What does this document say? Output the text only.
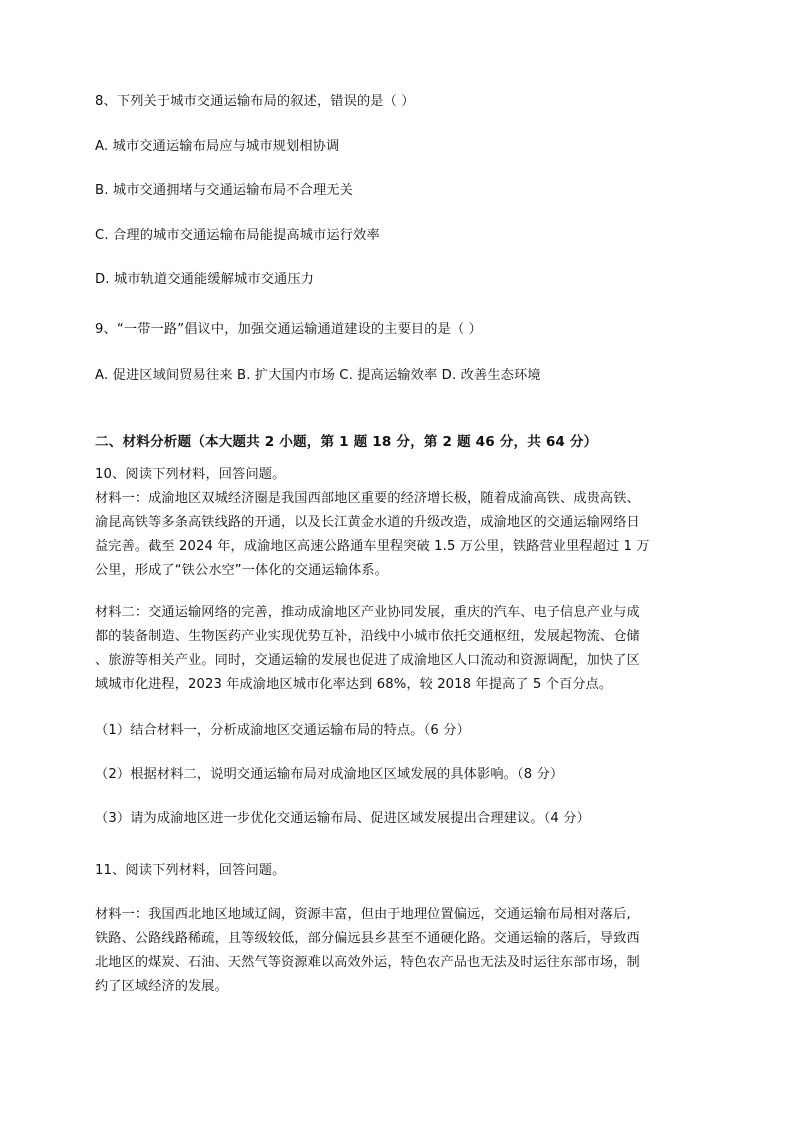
8、下列关于城市交通运输布局的叙述，错误的是（ ）
A. 城市交通运输布局应与城市规划相协调
B. 城市交通拥堵与交通运输布局不合理无关
C. 合理的城市交通运输布局能提高城市运行效率
D. 城市轨道交通能缓解城市交通压力
9、“一带一路”倡议中，加强交通运输通道建设的主要目的是（ ）
A. 促进区域间贸易往来 B. 扩大国内市场 C. 提高运输效率 D. 改善生态环境
二、材料分析题（本大题共 2 小题，第 1 题 18 分，第 2 题 46 分，共 64 分）
10、阅读下列材料，回答问题。
材料一：成渝地区双城经济圈是我国西部地区重要的经济增长极，随着成渝高铁、成贵高铁、
渝昆高铁等多条高铁线路的开通，以及长江黄金水道的升级改造，成渝地区的交通运输网络日
益完善。截至 2024 年，成渝地区高速公路通车里程突破 1.5 万公里，铁路营业里程超过 1 万
公里，形成了“铁公水空”一体化的交通运输体系。
材料二：交通运输网络的完善，推动成渝地区产业协同发展，重庆的汽车、电子信息产业与成
都的装备制造、生物医药产业实现优势互补，沿线中小城市依托交通枢纽，发展起物流、仓储
、旅游等相关产业。同时，交通运输的发展也促进了成渝地区人口流动和资源调配，加快了区
域城市化进程，2023 年成渝地区城市化率达到 68%，较 2018 年提高了 5 个百分点。
（1）结合材料一，分析成渝地区交通运输布局的特点。（6 分）
（2）根据材料二，说明交通运输布局对成渝地区区域发展的具体影响。（8 分）
（3）请为成渝地区进一步优化交通运输布局、促进区域发展提出合理建议。（4 分）
11、阅读下列材料，回答问题。
材料一：我国西北地区地域辽阔，资源丰富，但由于地理位置偏远，交通运输布局相对落后,
铁路、公路线路稀疏，且等级较低，部分偏远县乡甚至不通硬化路。交通运输的落后，导致西
北地区的煤炭、石油、天然气等资源难以高效外运，特色农产品也无法及时运往东部市场，制
约了区域经济的发展。
